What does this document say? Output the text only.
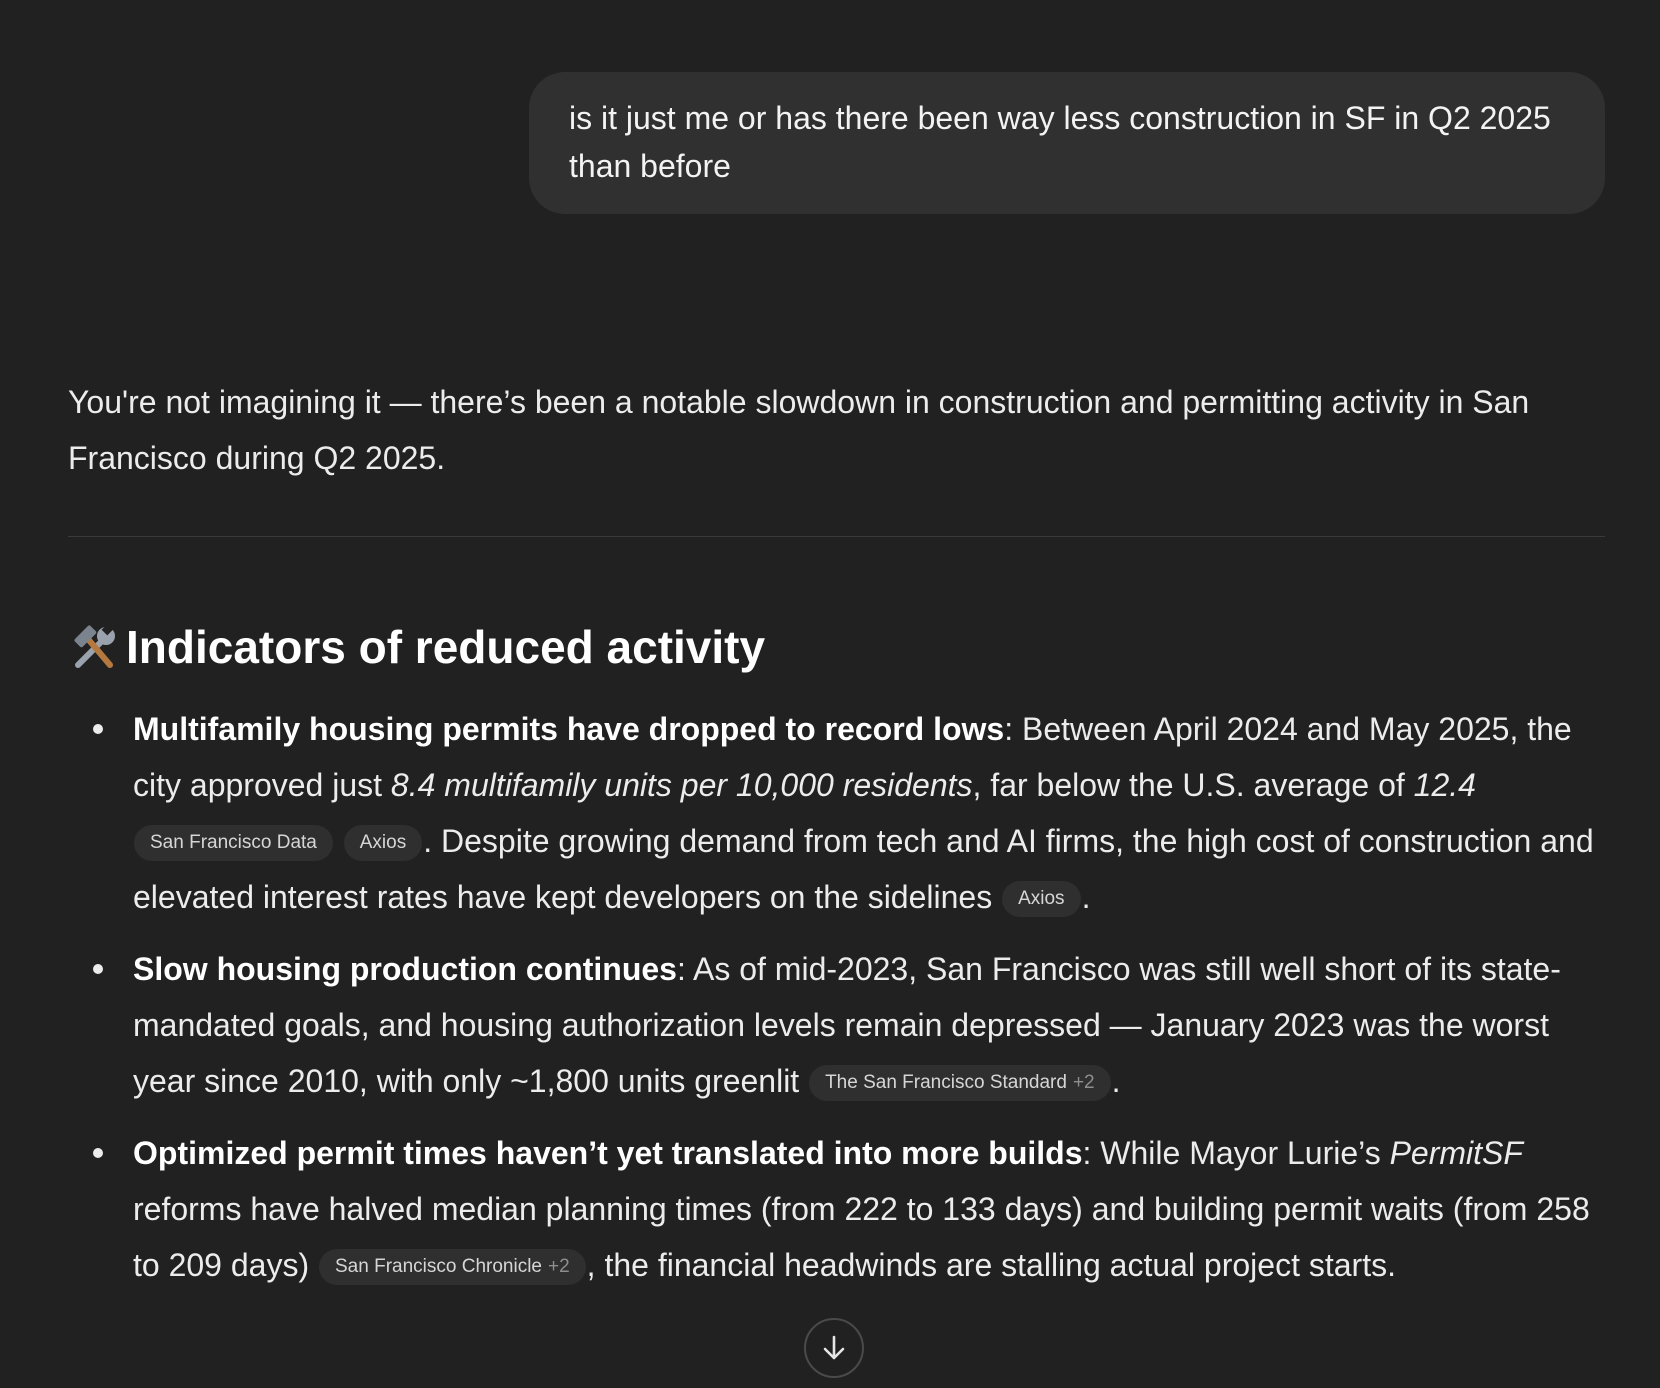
is it just me or has there been way less construction in SF in Q2 2025 than before

You're not imagining it — there’s been a notable slowdown in construction and permitting activity in San Francisco during Q2 2025.

Indicators of reduced activity
Multifamily housing permits have dropped to record lows: Between April 2024 and May 2025, the city approved just 8.4 multifamily units per 10,000 residents, far below the U.S. average of 12.4 San Francisco Data Axios . Despite growing demand from tech and AI firms, the high cost of construction and elevated interest rates have kept developers on the sidelines Axios .
Slow housing production continues: As of mid-2023, San Francisco was still well short of its state-mandated goals, and housing authorization levels remain depressed — January 2023 was the worst year since 2010, with only ~1,800 units greenlit The San Francisco Standard +2 .
Optimized permit times haven’t yet translated into more builds: While Mayor Lurie’s PermitSF reforms have halved median planning times (from 222 to 133 days) and building permit waits (from 258 to 209 days) San Francisco Chronicle +2 , the financial headwinds are stalling actual project starts.
